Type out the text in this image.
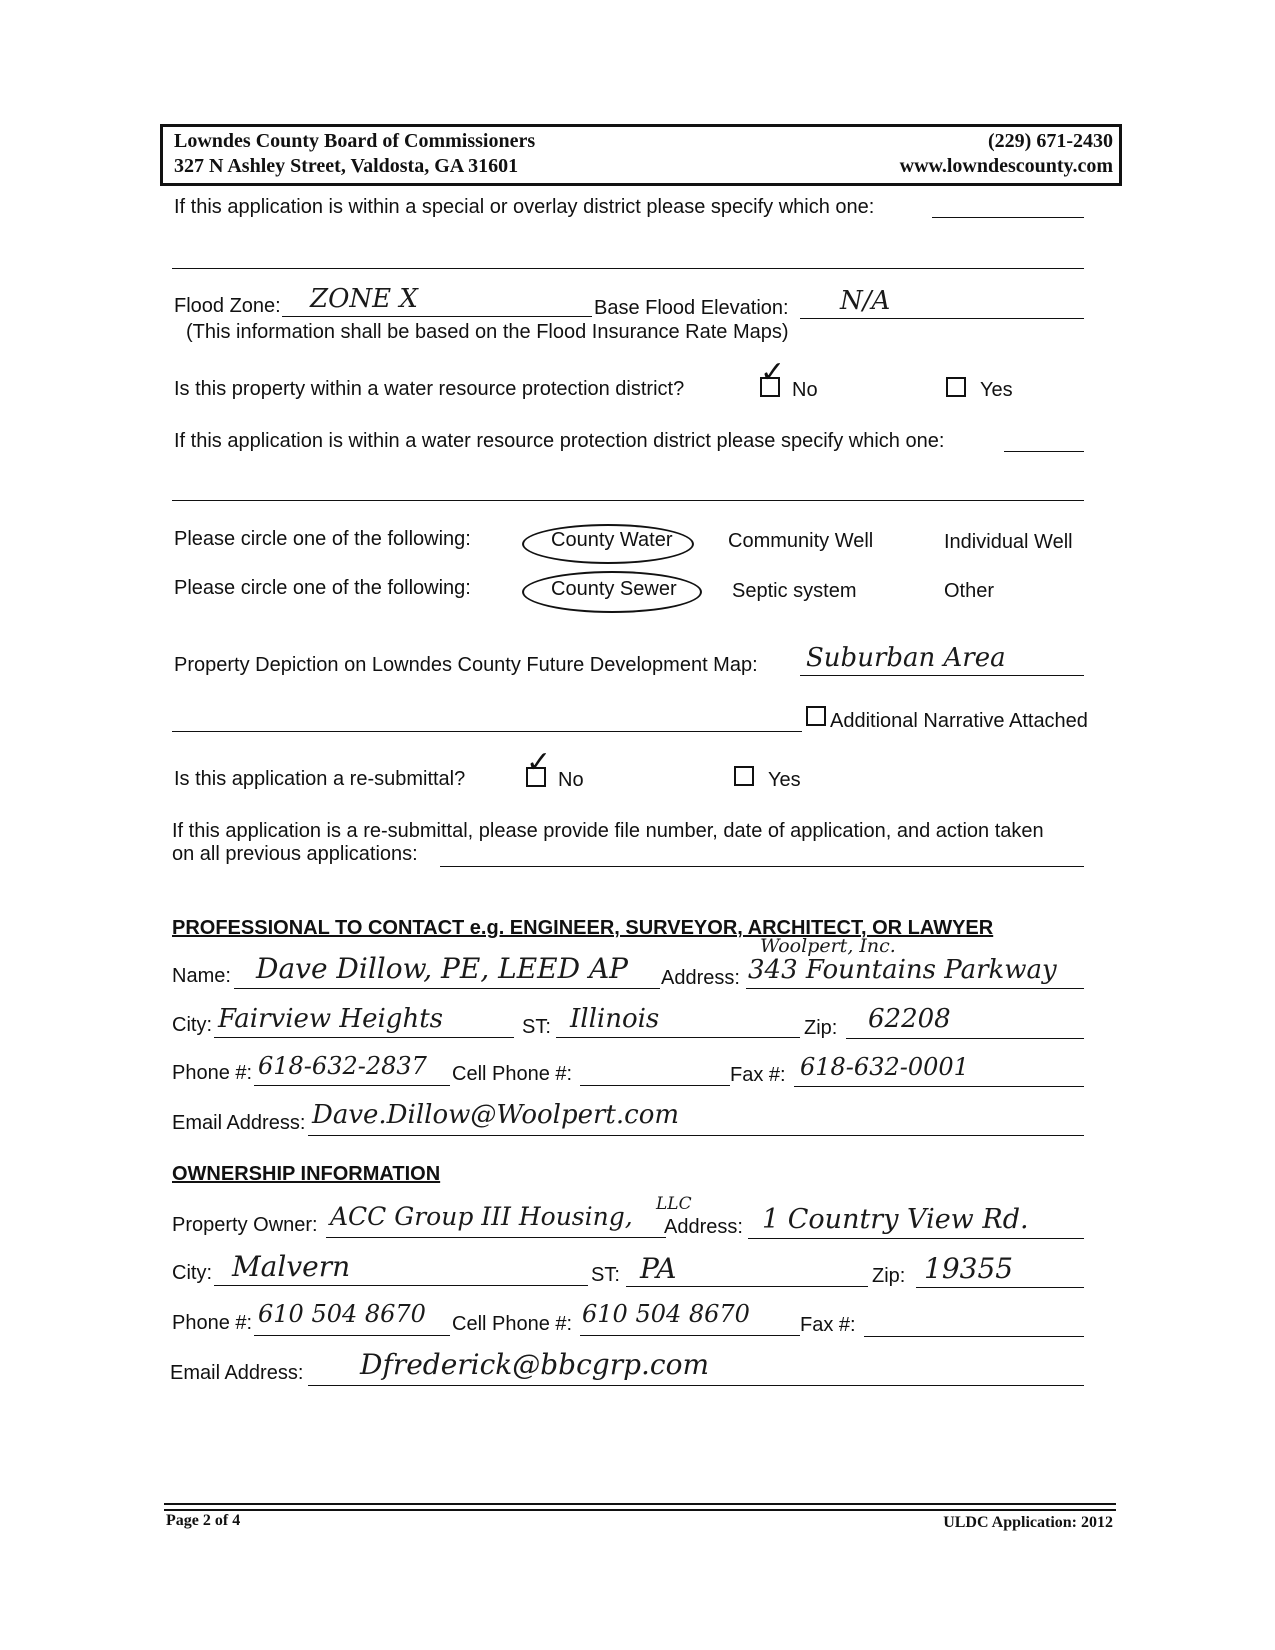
Lowndes County Board of Commissioners
327 N Ashley Street, Valdosta, GA 31601
(229) 671-2430
www.lowndescounty.com
If this application is within a special or overlay district please specify which one:
Flood Zone: ZONE X	Base Flood Elevation: N/A
(This information shall be based on the Flood Insurance Rate Maps)
Is this property within a water resource protection district?	✓ No	Yes
If this application is within a water resource protection district please specify which one:
Please circle one of the following:	County Water	Community Well	Individual Well
Please circle one of the following:	County Sewer	Septic system	Other
Property Depiction on Lowndes County Future Development Map: Suburban Area
Additional Narrative Attached
Is this application a re-submittal? ✓ No	Yes
If this application is a re-submittal, please provide file number, date of application, and action taken
on all previous applications:
PROFESSIONAL TO CONTACT e.g. ENGINEER, SURVEYOR, ARCHITECT, OR LAWYER
Name: Dave Dillow, PE, LEED AP
Woolpert, Inc.
Address: 343 Fountains Parkway
City: Fairview Heights	ST: Illinois	Zip: 62208
Phone #: 618-632-2837 Cell Phone #:	Fax #: 618-632-0001
Email Address: Dave.Dillow@Woolpert.com
OWNERSHIP INFORMATION
Property Owner: ACC Group III Housing, LLC
Address: 1 Country View Rd.
City: Malvern	ST: PA	Zip: 19355
Phone #: 610 504 8670 Cell Phone #: 610 504 8670	Fax #:
Email Address: Dfrederick@bbcgrp.com
Page 2 of 4	ULDC Application: 2012
